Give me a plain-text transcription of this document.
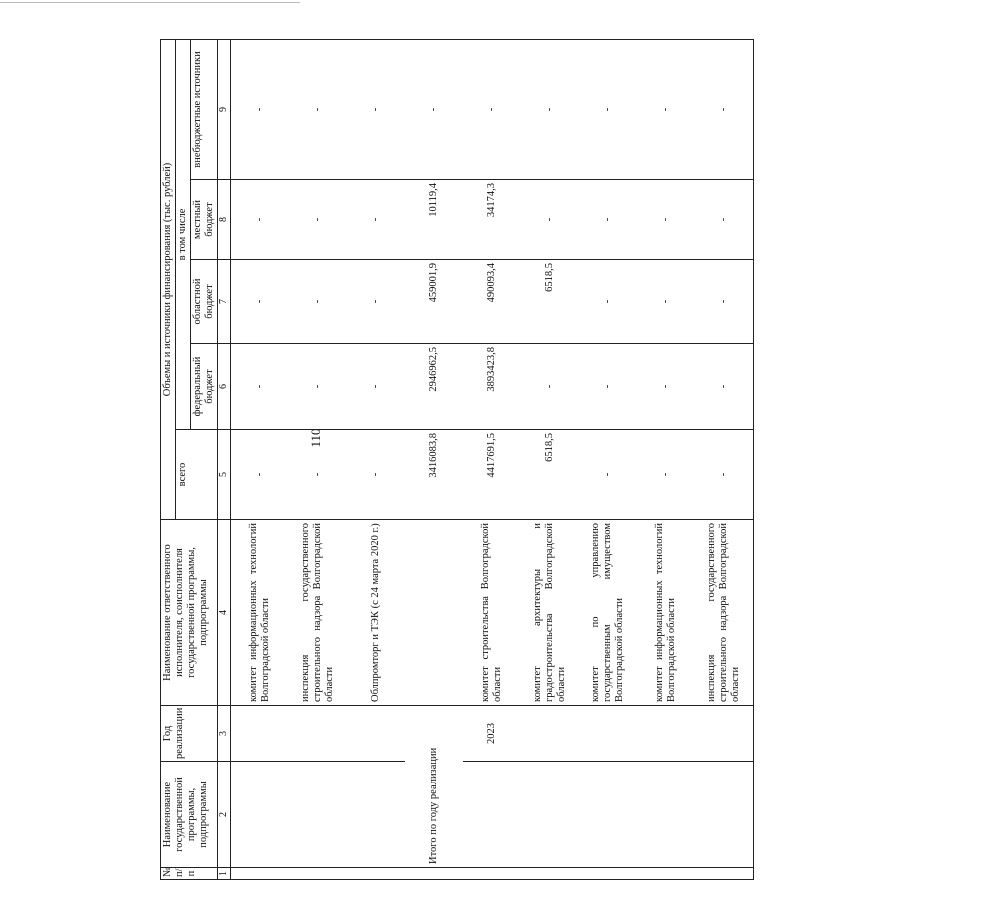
110
№ п/п	Наименование государственной программы, подпрограммы	Год реализации	Наименование ответственного исполнителя, соисполнителя государственной программы, подпрограммы	Объемы и источники финансирования (тыс. рублей)				
				всего	в том числе			
					федеральный бюджет	областной бюджет	местный бюджет	внебюджетные источники
1	2	3	4	5	6	7	8	9
			комитет информационных технологий Волгоградской области	-	-	-	-	-
			инспекция государственного строительного надзора Волгоградской области	-	-	-	-	-
			Облпромторг и ТЭК (с 24 марта 2020 г.)	-	-	-	-	-
	Итого по году реализации			3416083,8	2946962,5	459001,9	10119,4	-
		2023	комитет строительства Волгоградской области	4417691,5	3893423,8	490093,4	34174,3	-
			комитет архитектуры и градостроительства Волгоградской области	6518,5	-	6518,5	-	-
			комитет по управлению государственным имуществом Волгоградской области	-	-	-	-	-
			комитет информационных технологий Волгоградской области	-	-	-	-	-
			инспекция государственного строительного надзора Волгоградской области	-	-	-	-	-
